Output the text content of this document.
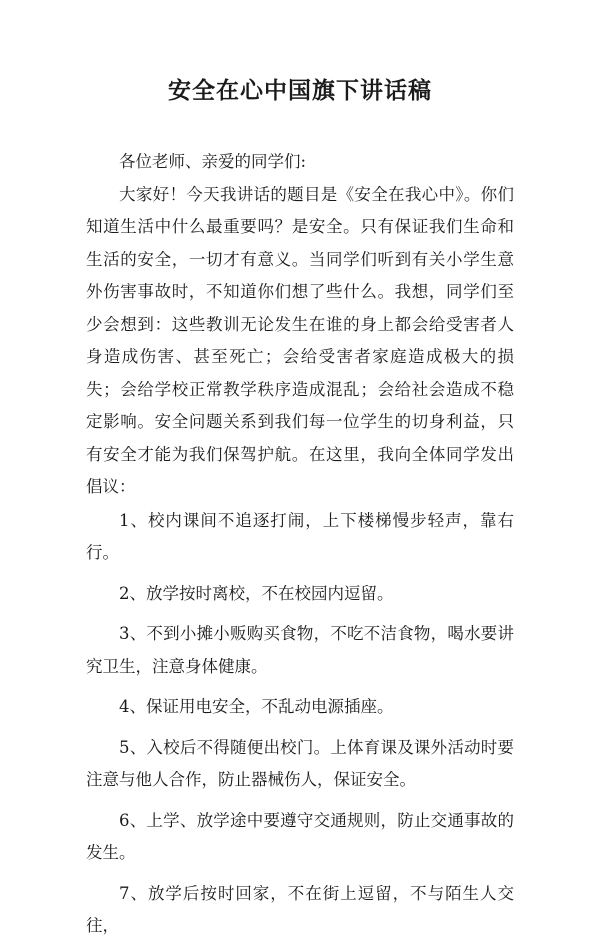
安全在心中国旗下讲话稿

各位老师、亲爱的同学们:

大家好！今天我讲话的题目是《安全在我心中》。你们知道生活中什么最重要吗？是安全。只有保证我们生命和生活的安全，一切才有意义。当同学们听到有关小学生意外伤害事故时，不知道你们想了些什么。我想，同学们至少会想到：这些教训无论发生在谁的身上都会给受害者人身造成伤害、甚至死亡；会给受害者家庭造成极大的损失；会给学校正常教学秩序造成混乱；会给社会造成不稳定影响。安全问题关系到我们每一位学生的切身利益，只有安全才能为我们保驾护航。在这里，我向全体同学发出倡议：

1、校内课间不追逐打闹，上下楼梯慢步轻声，靠右行。

2、放学按时离校，不在校园内逗留。

3、不到小摊小贩购买食物，不吃不洁食物，喝水要讲究卫生，注意身体健康。

4、保证用电安全，不乱动电源插座。

5、入校后不得随便出校门。上体育课及课外活动时要注意与他人合作，防止器械伤人，保证安全。

6、上学、放学途中要遵守交通规则，防止交通事故的发生。

7、放学后按时回家，不在街上逗留，不与陌生人交往，
